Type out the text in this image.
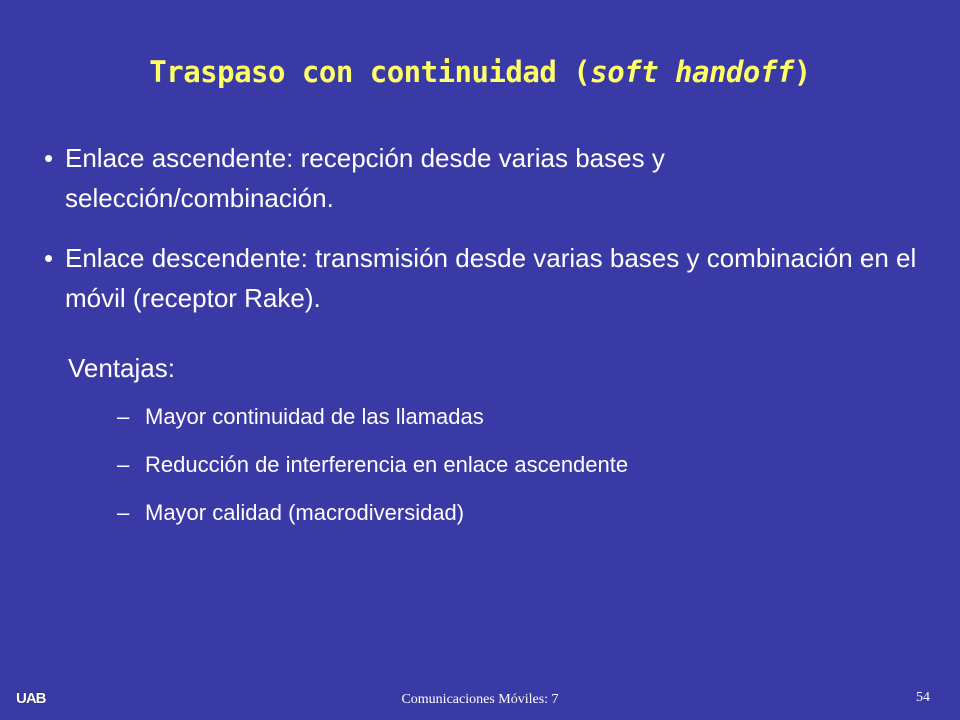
Traspaso con continuidad (soft handoff)
• Enlace ascendente: recepción desde varias bases y selección/combinación.
• Enlace descendente: transmisión desde varias bases y combinación en el móvil (receptor Rake).
Ventajas:
– Mayor continuidad de las llamadas
– Reducción de interferencia en enlace ascendente
– Mayor calidad (macrodiversidad)
UAB	Comunicaciones Móviles: 7	54
